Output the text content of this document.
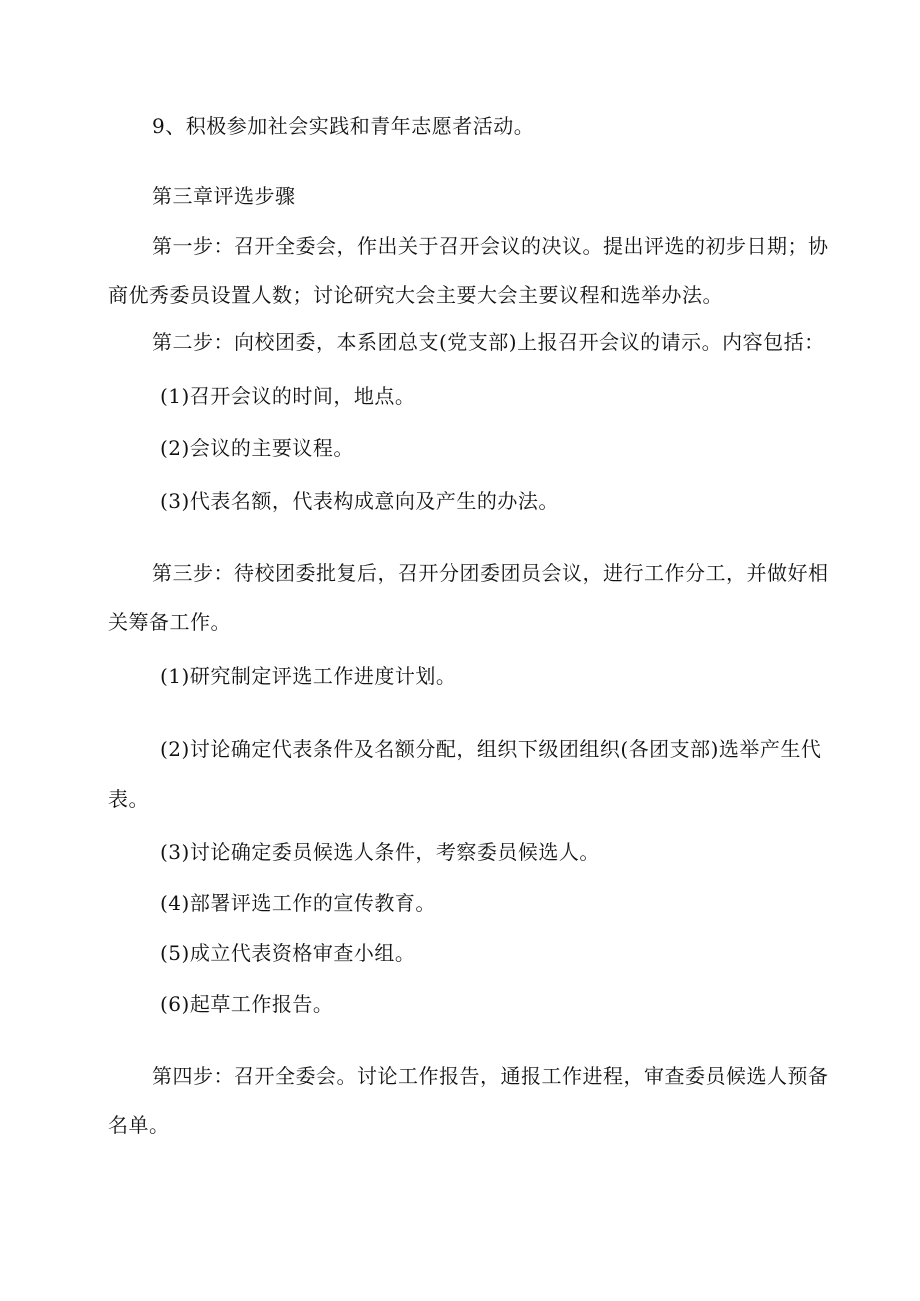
9、积极参加社会实践和青年志愿者活动。
第三章评选步骤
第一步：召开全委会，作出关于召开会议的决议。提出评选的初步日期；协
商优秀委员设置人数；讨论研究大会主要大会主要议程和选举办法。
第二步：向校团委，本系团总支(党支部)上报召开会议的请示。内容包括：
(1)召开会议的时间，地点。
(2)会议的主要议程。
(3)代表名额，代表构成意向及产生的办法。
第三步：待校团委批复后，召开分团委团员会议，进行工作分工，并做好相
关筹备工作。
(1)研究制定评选工作进度计划。
(2)讨论确定代表条件及名额分配，组织下级团组织(各团支部)选举产生代
表。
(3)讨论确定委员候选人条件，考察委员候选人。
(4)部署评选工作的宣传教育。
(5)成立代表资格审查小组。
(6)起草工作报告。
第四步：召开全委会。讨论工作报告，通报工作进程，审查委员候选人预备
名单。
